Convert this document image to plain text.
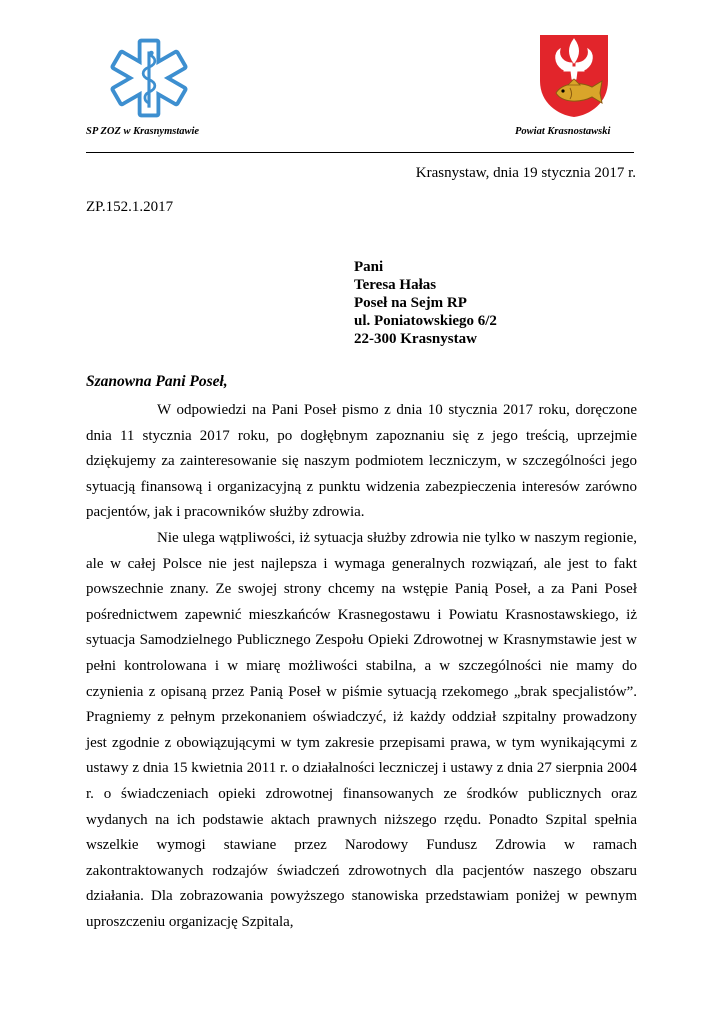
SP ZOZ w Krasnymstawie	Powiat Krasnostawski
Krasnystaw, dnia 19 stycznia 2017 r.
ZP.152.1.2017
Pani
Teresa Hałas
Poseł na Sejm RP
ul. Poniatowskiego 6/2
22-300 Krasnystaw
Szanowna Pani Poseł,

W odpowiedzi na Pani Poseł pismo z dnia 10 stycznia 2017 roku, doręczone dnia 11 stycznia 2017 roku, po dogłębnym zapoznaniu się z jego treścią, uprzejmie dziękujemy za zainteresowanie się naszym podmiotem leczniczym, w szczególności jego sytuacją finansową i organizacyjną z punktu widzenia zabezpieczenia interesów zarówno pacjentów, jak i pracowników służby zdrowia.

Nie ulega wątpliwości, iż sytuacja służby zdrowia nie tylko w naszym regionie, ale w całej Polsce nie jest najlepsza i wymaga generalnych rozwiązań, ale jest to fakt powszechnie znany. Ze swojej strony chcemy na wstępie Panią Poseł, a za Pani Poseł pośrednictwem zapewnić mieszkańców Krasnegostawu i Powiatu Krasnostawskiego, iż sytuacja Samodzielnego Publicznego Zespołu Opieki Zdrowotnej w Krasnymstawie jest w pełni kontrolowana i w miarę możliwości stabilna, a w szczególności nie mamy do czynienia z opisaną przez Panią Poseł w piśmie sytuacją rzekomego „brak specjalistów”. Pragniemy z pełnym przekonaniem oświadczyć, iż każdy oddział szpitalny prowadzony jest zgodnie z obowiązującymi w tym zakresie przepisami prawa, w tym wynikającymi z ustawy z dnia 15 kwietnia 2011 r. o działalności leczniczej i ustawy z dnia 27 sierpnia 2004 r. o świadczeniach opieki zdrowotnej finansowanych ze środków publicznych oraz wydanych na ich podstawie aktach prawnych niższego rzędu. Ponadto Szpital spełnia wszelkie wymogi stawiane przez Narodowy Fundusz Zdrowia w ramach zakontraktowanych rodzajów świadczeń zdrowotnych dla pacjentów naszego obszaru działania. Dla zobrazowania powyższego stanowiska przedstawiam poniżej w pewnym uproszczeniu organizację Szpitala,
